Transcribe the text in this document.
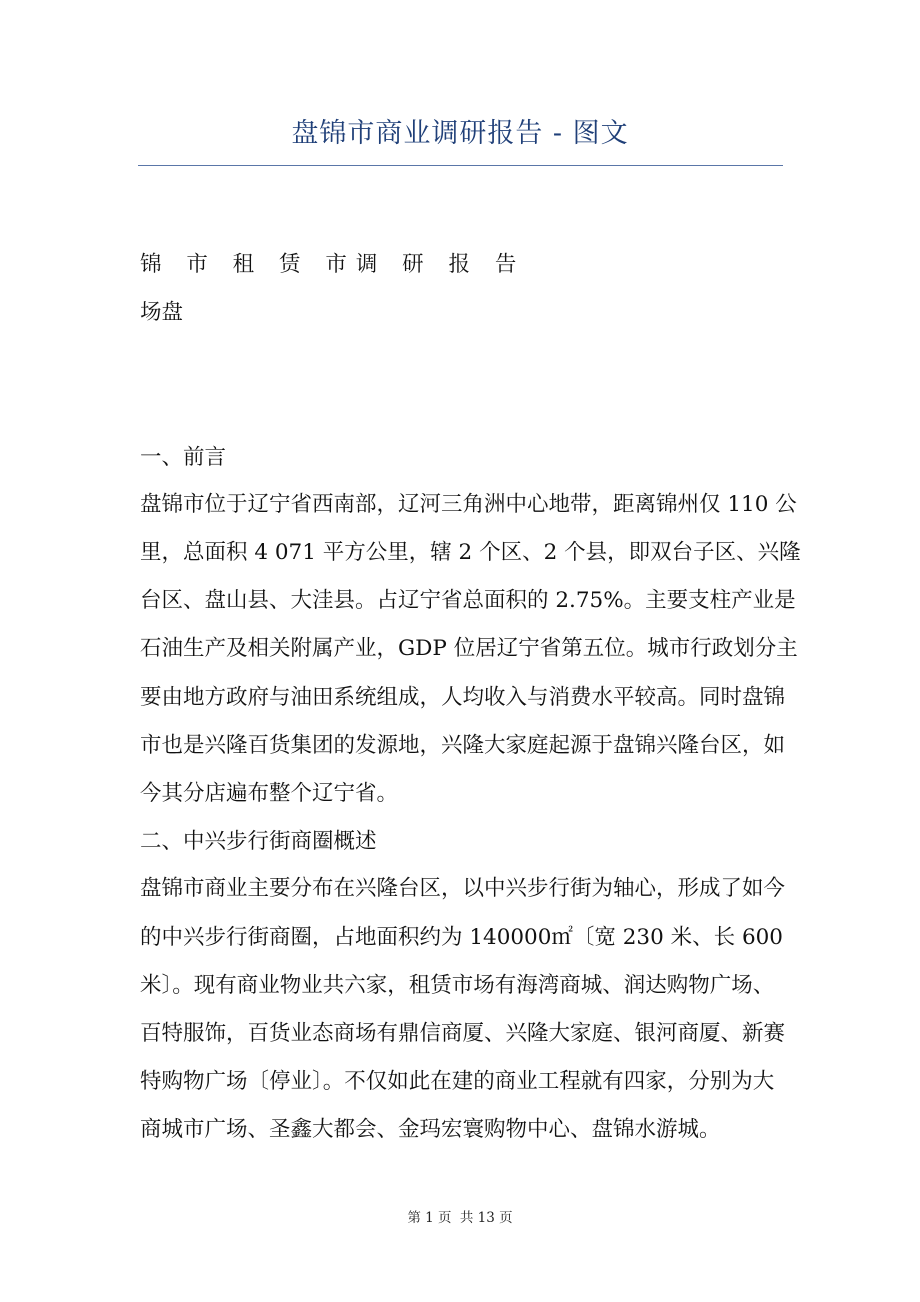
盘锦市商业调研报告 - 图文

锦 市 租 赁 市调 研 报 告

场盘

一、前言

盘锦市位于辽宁省西南部，辽河三角洲中心地带，距离锦州仅 110 公

里，总面积 4 071 平方公里，辖 2 个区、2 个县，即双台子区、兴隆

台区、盘山县、大洼县。占辽宁省总面积的 2.75%。主要支柱产业是

石油生产及相关附属产业，GDP 位居辽宁省第五位。城市行政划分主

要由地方政府与油田系统组成，人均收入与消费水平较高。同时盘锦

市也是兴隆百货集团的发源地，兴隆大家庭起源于盘锦兴隆台区，如

今其分店遍布整个辽宁省。

二、中兴步行街商圈概述

盘锦市商业主要分布在兴隆台区，以中兴步行街为轴心，形成了如今

的中兴步行街商圈，占地面积约为 140000㎡〔宽 230 米、长 600

米〕。现有商业物业共六家，租赁市场有海湾商城、润达购物广场、

百特服饰，百货业态商场有鼎信商厦、兴隆大家庭、银河商厦、新赛

特购物广场〔停业〕。不仅如此在建的商业工程就有四家，分别为大

商城市广场、圣鑫大都会、金玛宏寰购物中心、盘锦水游城。

第 1 页 共 13 页
